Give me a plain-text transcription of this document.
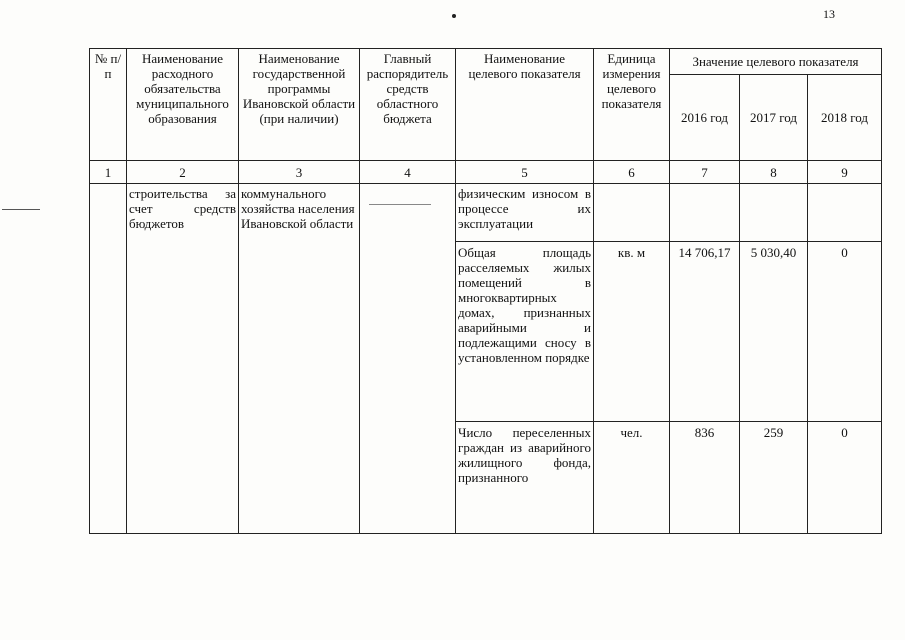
13
№ п/п	Наименование расходного обязательства муниципального образования	Наименование государственной программы Ивановской области (при наличии)	Главный распорядитель средств областного бюджета	Наименование целевого показателя	Единица измерения целевого показателя	Значение целевого показателя		
						2016 год	2017 год	2018 год
1	2	3	4	5	6	7	8	9
	строительства за счет средств бюджетов	коммунального хозяйства населения Ивановской области		физическим износом в процессе их эксплуатации				
				Общая площадь расселяемых жилых помещений в многоквартирных домах, признанных аварийными и подлежащими сносу в установленном порядке	кв. м	14 706,17	5 030,40	0
				Число переселенных граждан из аварийного жилищного фонда, признанного	чел.	836	259	0
